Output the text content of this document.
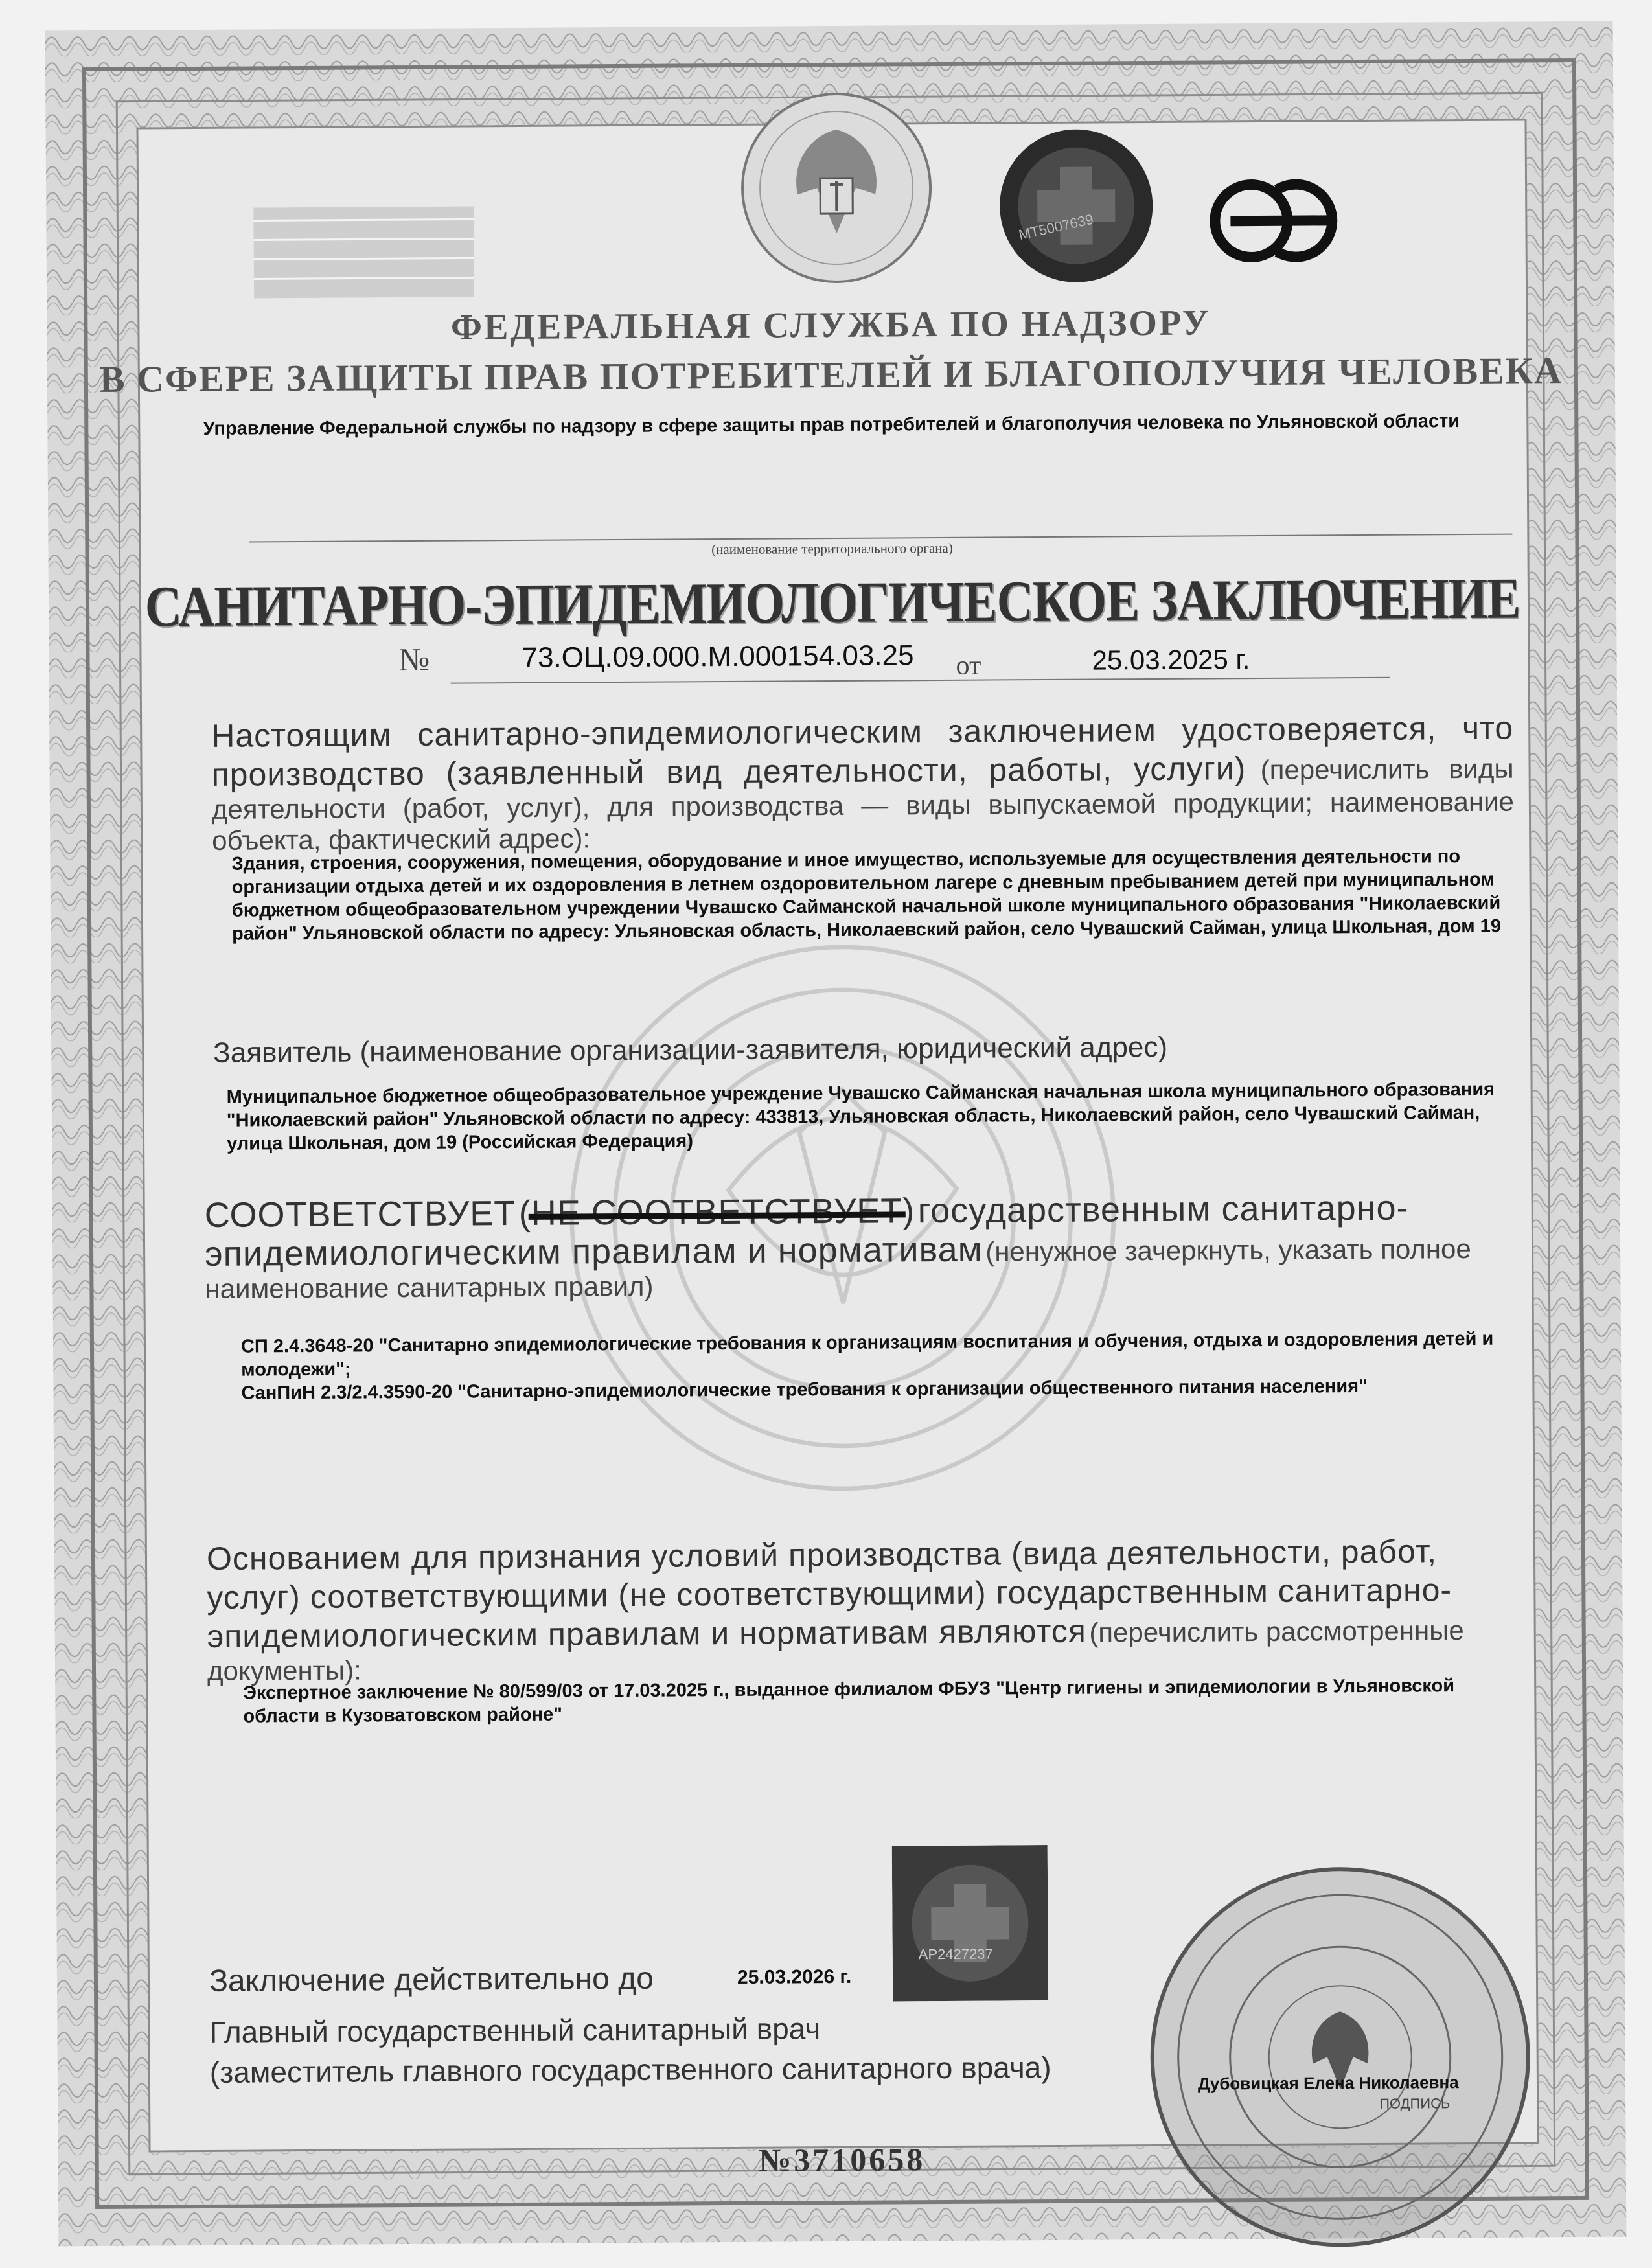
МТ5007639
ФЕДЕРАЛЬНАЯ СЛУЖБА ПО НАДЗОРУ
В СФЕРЕ ЗАЩИТЫ ПРАВ ПОТРЕБИТЕЛЕЙ И БЛАГОПОЛУЧИЯ ЧЕЛОВЕКА
Управление Федеральной службы по надзору в сфере защиты прав потребителей и благополучия человека по Ульяновской области
(наименование территориального органа)
САНИТАРНО-ЭПИДЕМИОЛОГИЧЕСКОЕ ЗАКЛЮЧЕНИЕ
№	73.ОЦ.09.000.М.000154.03.25 от	25.03.2025 г.
Настоящим санитарно-эпидемиологическим заключением удостоверяется, что производство (заявленный вид деятельности, работы, услуги) (перечислить виды деятельности (работ, услуг), для производства — виды выпускаемой продукции; наименование объекта, фактический адрес):
Здания, строения, сооружения, помещения, оборудование и иное имущество, используемые для осуществления деятельности по организации отдыха детей и их оздоровления в летнем оздоровительном лагере с дневным пребыванием детей при муниципальном бюджетном общеобразовательном учреждении Чувашско Сайманской начальной школе муниципального образования "Николаевский район" Ульяновской области по адресу: Ульяновская область, Николаевский район, село Чувашский Сайман, улица Школьная, дом 19
Заявитель (наименование организации-заявителя, юридический адрес)
Муниципальное бюджетное общеобразовательное учреждение Чувашско Сайманская начальная школа муниципального образования "Николаевский район" Ульяновской области по адресу: 433813, Ульяновская область, Николаевский район, село Чувашский Сайман, улица Школьная, дом 19 (Российская Федерация)
СООТВЕТСТВУЕТ (НЕ СООТВЕТСТВУЕТ) государственным санитарно-эпидемиологическим правилам и нормативам (ненужное зачеркнуть, указать полное наименование санитарных правил)
СП 2.4.3648-20 "Санитарно эпидемиологические требования к организациям воспитания и обучения, отдыха и оздоровления детей и молодежи";
СанПиН 2.3/2.4.3590-20 "Санитарно-эпидемиологические требования к организации общественного питания населения"
Основанием для признания условий производства (вида деятельности, работ, услуг) соответствующими (не соответствующими) государственным санитарно-эпидемиологическим правилам и нормативам являются (перечислить рассмотренные документы):
Экспертное заключение № 80/599/03 от 17.03.2025 г., выданное филиалом ФБУЗ "Центр гигиены и эпидемиологии в Ульяновской области в Кузоватовском районе"
АР2427237
Заключение действительно до	25.03.2026 г.
Главный государственный санитарный врач
(заместитель главного государственного санитарного врача)	Дубовицкая Елена Николаевна
ПОДПИСЬ
№3710658
